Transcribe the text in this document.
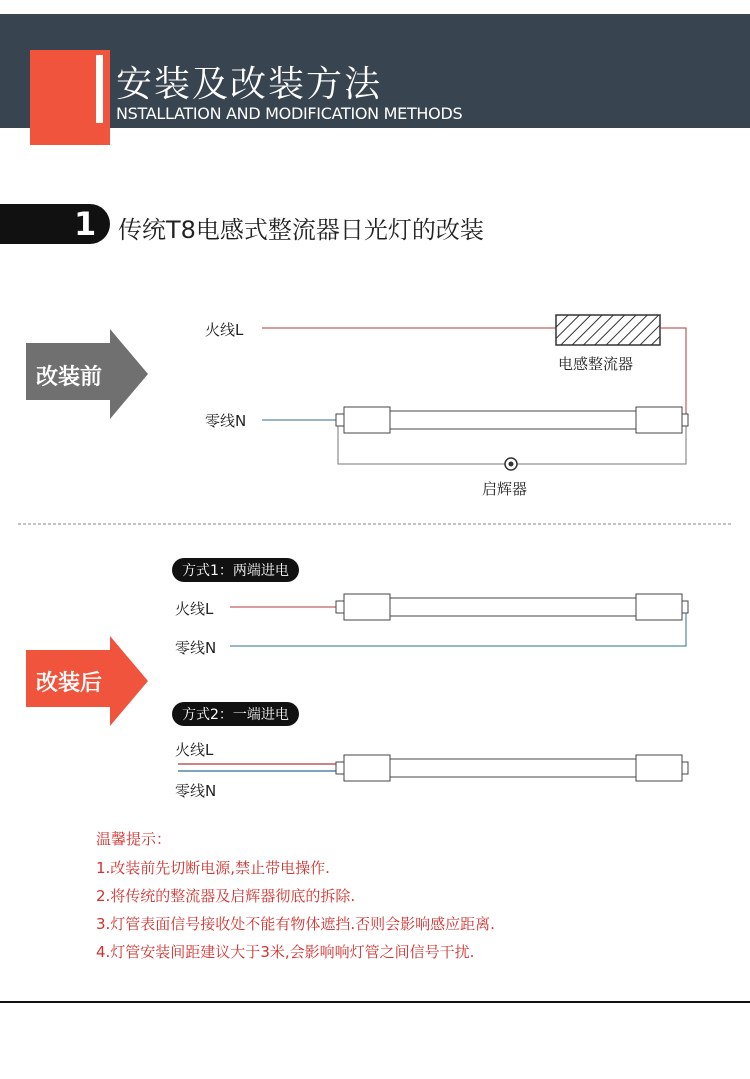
安装及改装方法
NSTALLATION AND MODIFICATION METHODS
1 传统T8电感式整流器日光灯的改装
改装前
火线L
零线N
电感整流器
启辉器
改装后
方式1：两端进电
火线L
零线N
方式2：一端进电
火线L
零线N
温馨提示：
1.改装前先切断电源,禁止带电操作.
2.将传统的整流器及启辉器彻底的拆除.
3.灯管表面信号接收处不能有物体遮挡.否则会影响感应距离.
4.灯管安装间距建议大于3米,会影响响灯管之间信号干扰.
